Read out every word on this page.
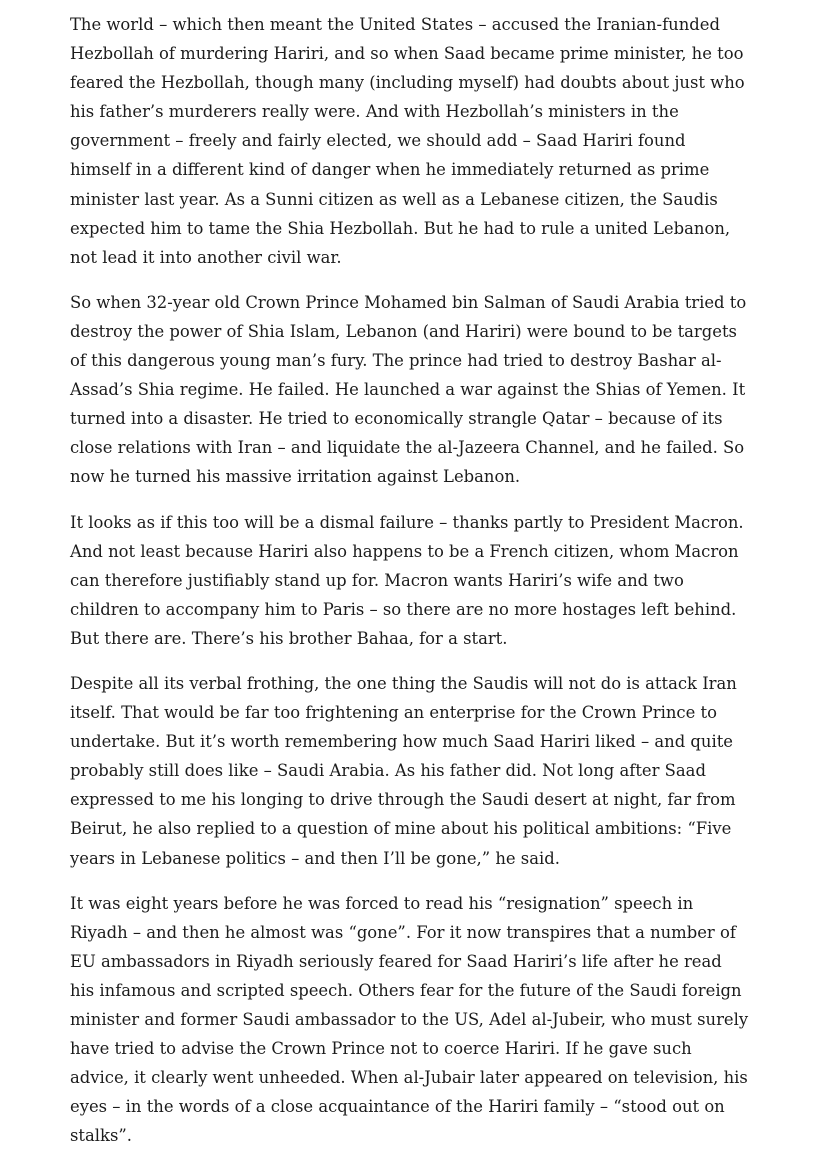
The world – which then meant the United States – accused the Iranian-funded Hezbollah of murdering Hariri, and so when Saad became prime minister, he too feared the Hezbollah, though many (including myself) had doubts about just who his father’s murderers really were. And with Hezbollah’s ministers in the government – freely and fairly elected, we should add – Saad Hariri found himself in a different kind of danger when he immediately returned as prime minister last year. As a Sunni citizen as well as a Lebanese citizen, the Saudis expected him to tame the Shia Hezbollah. But he had to rule a united Lebanon, not lead it into another civil war.

So when 32-year old Crown Prince Mohamed bin Salman of Saudi Arabia tried to destroy the power of Shia Islam, Lebanon (and Hariri) were bound to be targets of this dangerous young man’s fury. The prince had tried to destroy Bashar al-Assad’s Shia regime. He failed. He launched a war against the Shias of Yemen. It turned into a disaster. He tried to economically strangle Qatar – because of its close relations with Iran – and liquidate the al-Jazeera Channel, and he failed. So now he turned his massive irritation against Lebanon.

It looks as if this too will be a dismal failure – thanks partly to President Macron. And not least because Hariri also happens to be a French citizen, whom Macron can therefore justifiably stand up for. Macron wants Hariri’s wife and two children to accompany him to Paris – so there are no more hostages left behind. But there are. There’s his brother Bahaa, for a start.

Despite all its verbal frothing, the one thing the Saudis will not do is attack Iran itself. That would be far too frightening an enterprise for the Crown Prince to undertake. But it’s worth remembering how much Saad Hariri liked – and quite probably still does like – Saudi Arabia. As his father did. Not long after Saad expressed to me his longing to drive through the Saudi desert at night, far from Beirut, he also replied to a question of mine about his political ambitions: “Five years in Lebanese politics – and then I’ll be gone,” he said.

It was eight years before he was forced to read his “resignation” speech in Riyadh – and then he almost was “gone”. For it now transpires that a number of EU ambassadors in Riyadh seriously feared for Saad Hariri’s life after he read his infamous and scripted speech. Others fear for the future of the Saudi foreign minister and former Saudi ambassador to the US, Adel al-Jubeir, who must surely have tried to advise the Crown Prince not to coerce Hariri. If he gave such advice, it clearly went unheeded. When al-Jubair later appeared on television, his eyes – in the words of a close acquaintance of the Hariri family – “stood out on stalks”.
